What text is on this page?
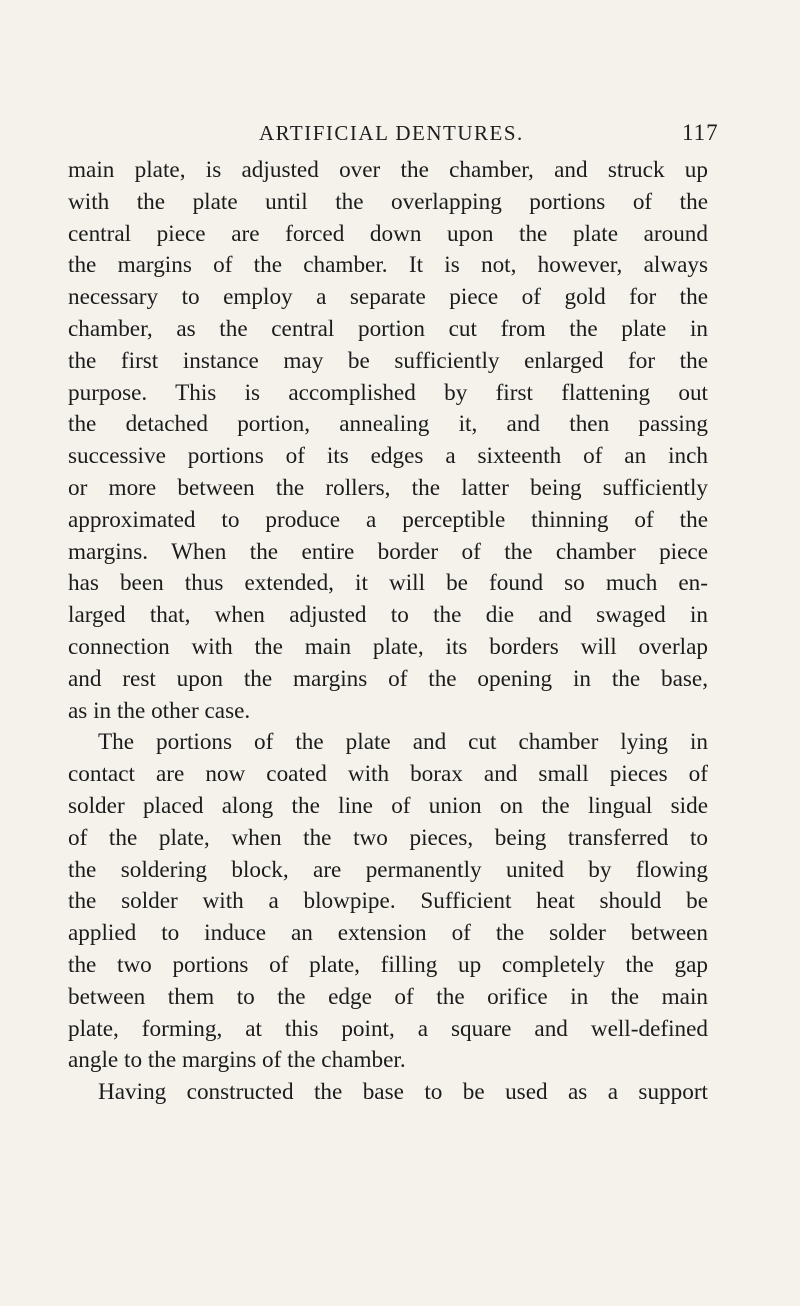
ARTIFICIAL DENTURES.	117
main plate, is adjusted over the chamber, and struck up
with the plate until the overlapping portions of the
central piece are forced down upon the plate around
the margins of the chamber. It is not, however, always
necessary to employ a separate piece of gold for the
chamber, as the central portion cut from the plate in
the first instance may be sufficiently enlarged for the
purpose. This is accomplished by first flattening out
the detached portion, annealing it, and then passing
successive portions of its edges a sixteenth of an inch
or more between the rollers, the latter being sufficiently
approximated to produce a perceptible thinning of the
margins. When the entire border of the chamber piece
has been thus extended, it will be found so much en-
larged that, when adjusted to the die and swaged in
connection with the main plate, its borders will overlap
and rest upon the margins of the opening in the base,
as in the other case.
The portions of the plate and cut chamber lying in
contact are now coated with borax and small pieces of
solder placed along the line of union on the lingual side
of the plate, when the two pieces, being transferred to
the soldering block, are permanently united by flowing
the solder with a blowpipe. Sufficient heat should be
applied to induce an extension of the solder between
the two portions of plate, filling up completely the gap
between them to the edge of the orifice in the main
plate, forming, at this point, a square and well-defined
angle to the margins of the chamber.
Having constructed the base to be used as a support
